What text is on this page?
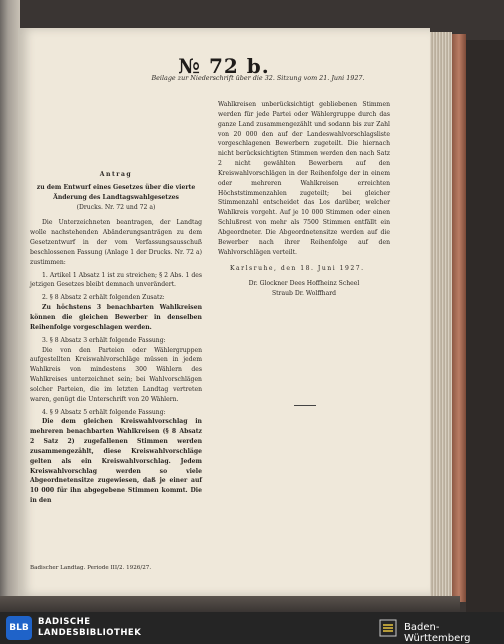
№ 72 b.
Beilage zur Niederschrift über die 32. Sitzung vom 21. Juni 1927.

Antrag

zu dem Entwurf eines Gesetzes über die vierte Änderung des Landtagswahlgesetzes

(Drucks. Nr. 72 und 72 a)

Die Unterzeichneten beantragen, der Landtag wolle nachstehenden Abänderungsanträgen zu dem Gesetzentwurf in der vom Verfassungsausschuß beschlossenen Fassung (Anlage 1 der Drucks. Nr. 72 a) zustimmen:

1. Artikel 1 Absatz 1 ist zu streichen; § 2 Abs. 1 des jetzigen Gesetzes bleibt demnach unverändert.

2. § 8 Absatz 2 erhält folgenden Zusatz:

Zu höchstens 3 benachbarten Wahlkreisen können die gleichen Bewerber in denselben Reihenfolge vorgeschlagen werden.

3. § 8 Absatz 3 erhält folgende Fassung:

Die von den Parteien oder Wählergruppen aufgestellten Kreiswahlvorschläge müssen in jedem Wahlkreis von mindestens 300 Wählern des Wahlkreises unterzeichnet sein; bei Wahlvorschlägen solcher Parteien, die im letzten Landtag vertreten waren, genügt die Unterschrift von 20 Wählern.

4. § 9 Absatz 5 erhält folgende Fassung:

Die dem gleichen Kreiswahlvorschlag in mehreren benachbarten Wahlkreisen (§ 8 Absatz 2 Satz 2) zugefallenen Stimmen werden zusammengezählt, diese Kreiswahlvorschläge gelten als ein Kreiswahlvorschlag. Jedem Kreiswahlvorschlag werden so viele Abgeordnetensitze zugewiesen, daß je einer auf 10 000 für ihn abgegebene Stimmen kommt. Die in den

Wahlkreisen unberücksichtigt gebliebenen Stimmen werden für jede Partei oder Wählergruppe durch das ganze Land zusammengezählt und sodann bis zur Zahl von 20 000 den auf der Landeswahlvorschlagsliste vorgeschlagenen Bewerbern zugeteilt. Die hiernach nicht berücksichtigten Stimmen werden den nach Satz 2 nicht gewählten Bewerbern auf den Kreiswahlvorschlägen in der Reihenfolge der in einem oder mehreren Wahlkreisen erreichten Höchststimmenzahlen zugeteilt; bei gleicher Stimmenzahl entscheidet das Los darüber, welcher Wahlkreis vorgeht. Auf je 10 000 Stimmen oder einen Schlußrest von mehr als 7500 Stimmen entfällt ein Abgeordneter. Die Abgeordnetensitze werden auf die Bewerber nach ihrer Reihenfolge auf den Wahlvorschlägen verteilt.

Karlsruhe, den 18. Juni 1927.

Dr. Glockner Dees Hoffheinz Scheel

Straub Dr. Wolffhard

Badischer Landtag. Periode III/2. 1926/27.
BLB
BADISCHE
LANDESBIBLIOTHEK	Baden-Württemberg
